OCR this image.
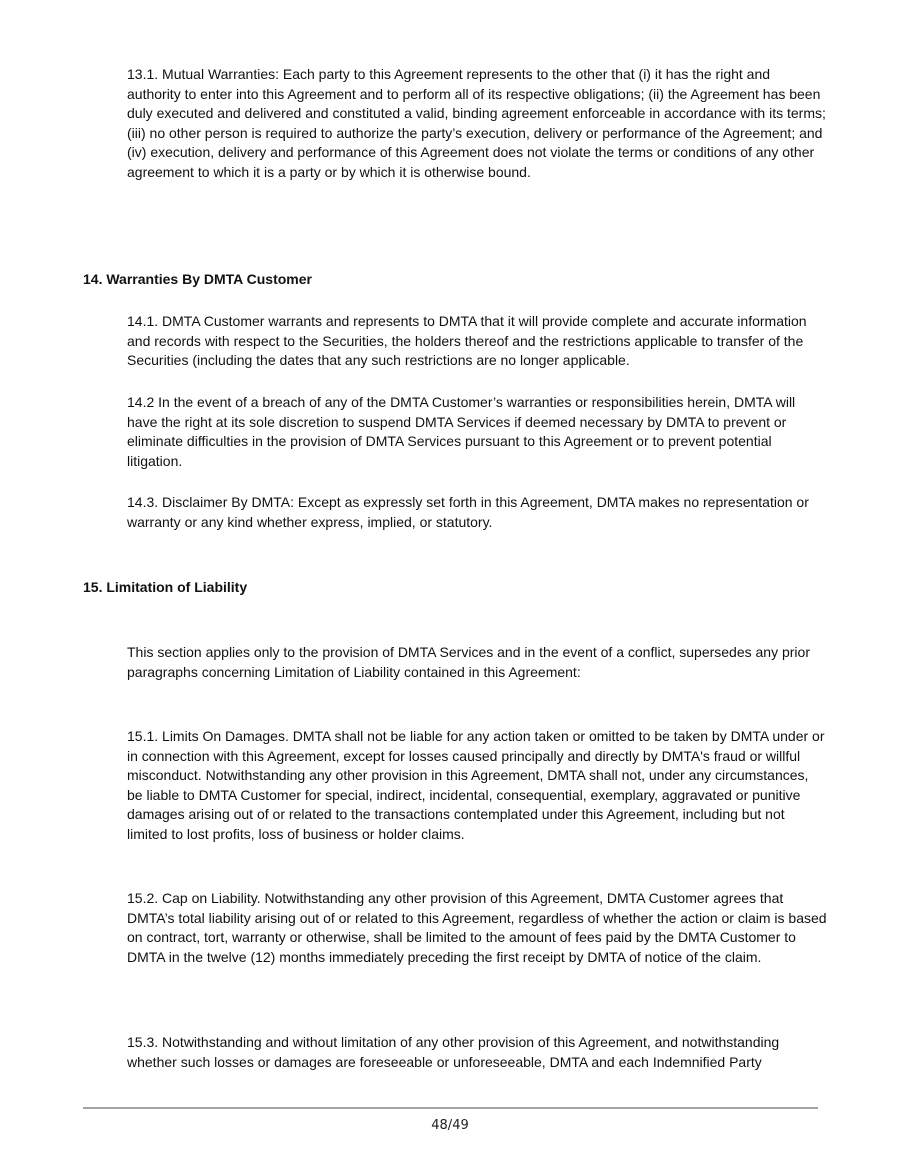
13.1. Mutual Warranties: Each party to this Agreement represents to the other that (i) it has the right and authority to enter into this Agreement and to perform all of its respective obligations; (ii) the Agreement has been duly executed and delivered and constituted a valid, binding agreement enforceable in accordance with its terms; (iii) no other person is required to authorize the party’s execution, delivery or performance of the Agreement; and (iv) execution, delivery and performance of this Agreement does not violate the terms or conditions of any other agreement to which it is a party or by which it is otherwise bound.
14. Warranties By DMTA Customer
14.1. DMTA Customer warrants and represents to DMTA that it will provide complete and accurate information and records with respect to the Securities, the holders thereof and the restrictions applicable to transfer of the Securities (including the dates that any such restrictions are no longer applicable.
14.2 In the event of a breach of any of the DMTA Customer’s warranties or responsibilities herein, DMTA will have the right at its sole discretion to suspend DMTA Services if deemed necessary by DMTA to prevent or eliminate difficulties in the provision of DMTA Services pursuant to this Agreement or to prevent potential litigation.
14.3. Disclaimer By DMTA: Except as expressly set forth in this Agreement, DMTA makes no representation or warranty or any kind whether express, implied, or statutory.
15. Limitation of Liability
This section applies only to the provision of DMTA Services and in the event of a conflict, supersedes any prior paragraphs concerning Limitation of Liability contained in this Agreement:
15.1. Limits On Damages. DMTA shall not be liable for any action taken or omitted to be taken by DMTA under or in connection with this Agreement, except for losses caused principally and directly by DMTA's fraud or willful misconduct. Notwithstanding any other provision in this Agreement, DMTA shall not, under any circumstances, be liable to DMTA Customer for special, indirect, incidental, consequential, exemplary, aggravated or punitive damages arising out of or related to the transactions contemplated under this Agreement, including but not limited to lost profits, loss of business or holder claims.
15.2. Cap on Liability. Notwithstanding any other provision of this Agreement, DMTA Customer agrees that DMTA’s total liability arising out of or related to this Agreement, regardless of whether the action or claim is based on contract, tort, warranty or otherwise, shall be limited to the amount of fees paid by the DMTA Customer to DMTA in the twelve (12) months immediately preceding the first receipt by DMTA of notice of the claim.
15.3. Notwithstanding and without limitation of any other provision of this Agreement, and notwithstanding whether such losses or damages are foreseeable or unforeseeable, DMTA and each Indemnified Party
48/49
